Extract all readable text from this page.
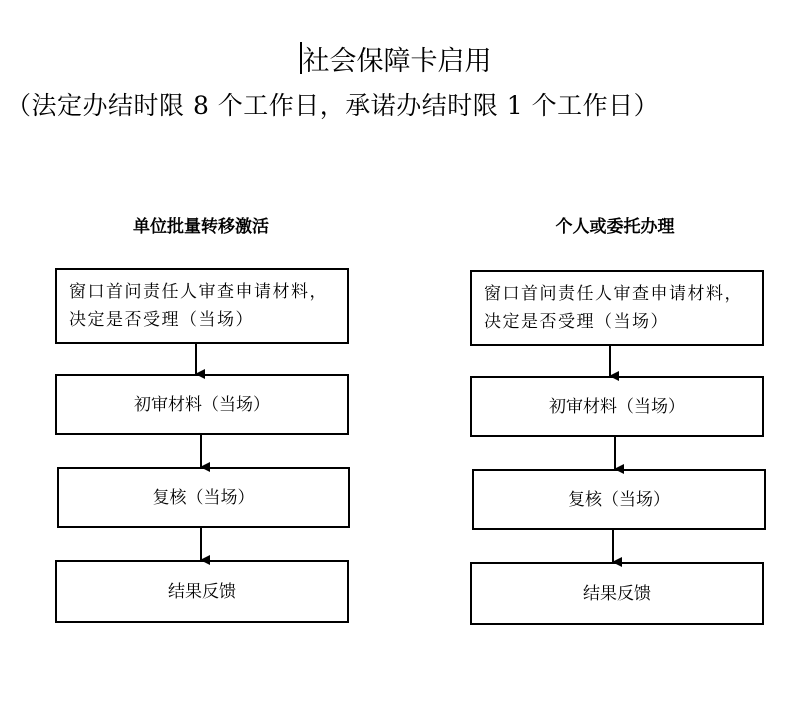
社会保障卡启用
（法定办结时限 8 个工作日，承诺办结时限 1 个工作日）
单位批量转移激活
窗口首问责任人审查申请材料，决定是否受理（当场）
初审材料（当场）
复核（当场）
结果反馈
个人或委托办理
窗口首问责任人审查申请材料，决定是否受理（当场）
初审材料（当场）
复核（当场）
结果反馈
